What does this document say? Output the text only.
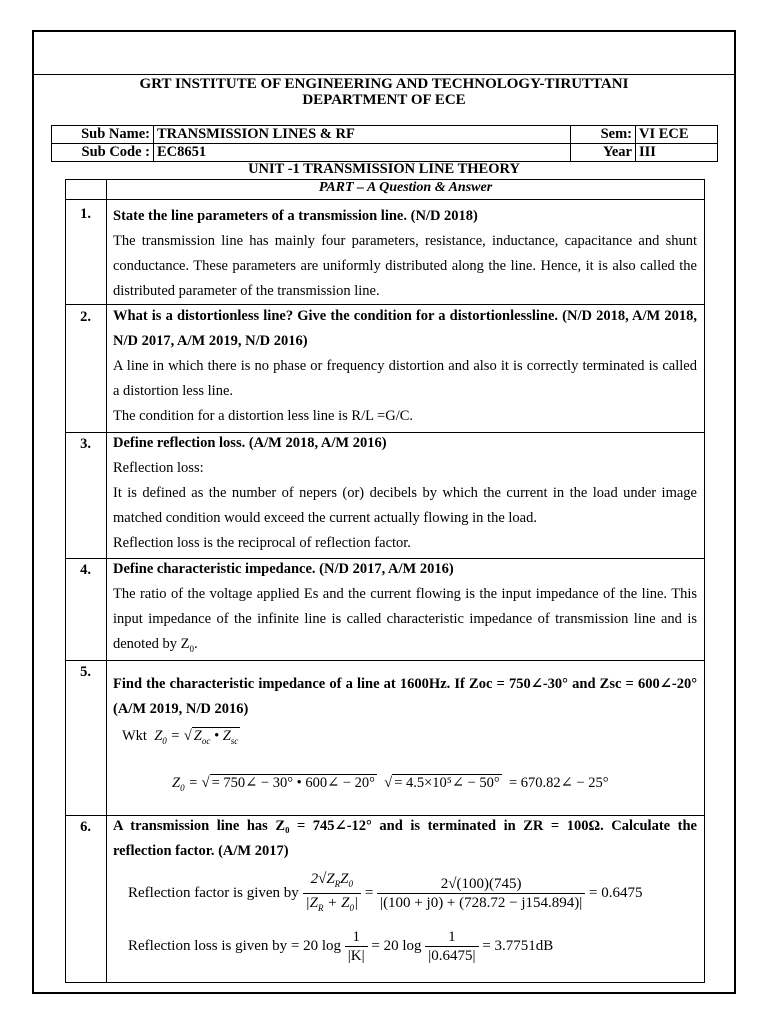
GRT INSTITUTE OF ENGINEERING AND TECHNOLOGY-TIRUTTANI
DEPARTMENT OF ECE
Sub Name:	TRANSMISSION LINES & RF	Sem:	VI ECE
Sub Code :	EC8651	Year	III
UNIT -1 TRANSMISSION LINE THEORY
PART – A Question & Answer
1.	State the line parameters of a transmission line. (N/D 2018)
The transmission line has mainly four parameters, resistance, inductance, capacitance and shunt conductance. These parameters are uniformly distributed along the line. Hence, it is also called the distributed parameter of the transmission line.
2.	What is a distortionless line? Give the condition for a distortionlessline. (N/D 2018, A/M 2018, N/D 2017, A/M 2019, N/D 2016)
A line in which there is no phase or frequency distortion and also it is correctly terminated is called a distortion less line.
The condition for a distortion less line is R/L =G/C.
3.	Define reflection loss. (A/M 2018, A/M 2016)
Reflection loss:
It is defined as the number of nepers (or) decibels by which the current in the load under image matched condition would exceed the current actually flowing in the load.
Reflection loss is the reciprocal of reflection factor.
4.	Define characteristic impedance. (N/D 2017, A/M 2016)
The ratio of the voltage applied Es and the current flowing is the input impedance of the line. This input impedance of the infinite line is called characteristic impedance of transmission line and is denoted by $Z_0$.
5.
Find the characteristic impedance of a line at 1600Hz. If Zoc = 750∠-30° and Zsc = 600∠-20° (A/M 2019, N/D 2016)
Wkt  $Z_0$ = √ $Z_{oc}$ • $Z_{sc}$
$Z_0$ = √ = 750∠ − 30° • 600∠ − 20°  √ = 4.5×10⁵∠ − 50° = 670.82∠ − 25°
6.	A transmission line has Z₀ = 745∠-12° and is terminated in ZR = 100Ω. Calculate the reflection factor. (A/M 2017)
Reflection factor is given by $\frac{2√Z_RZ_0}{|Z_R + Z_0|} = \frac{2√(100)(745)}{|(100 + j0) + (728.72 - j154.894)|} = 0.6475$
Reflection loss is given by = 20 $\log \frac{1}{|K|} = 20$ $\log \frac{1}{|0.6475|} = 3.7751dB$
